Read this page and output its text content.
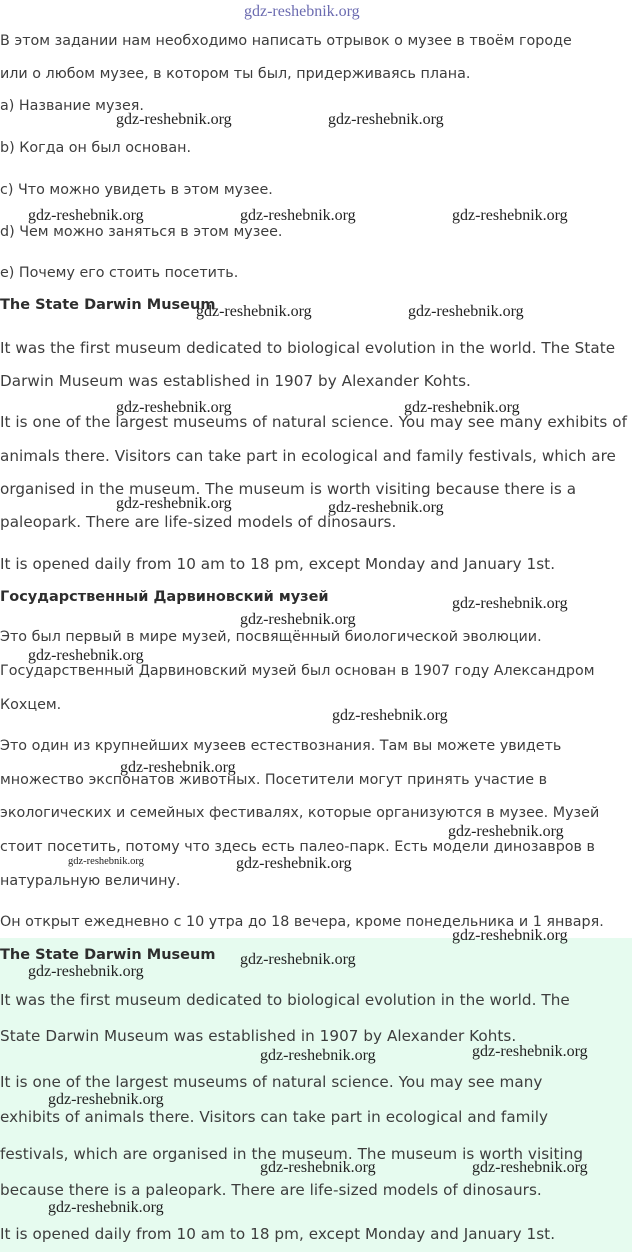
В этом задании нам необходимо написать отрывок о музее в твоём городе

или о любом музее, в котором ты был, придерживаясь плана.

a) Название музея.

b) Когда он был основан.

c) Что можно увидеть в этом музее.

d) Чем можно заняться в этом музее.

e) Почему его стоить посетить.

The State Darwin Museum

It was the first museum dedicated to biological evolution in the world. The State

Darwin Museum was established in 1907 by Alexander Kohts.

It is one of the largest museums of natural science. You may see many exhibits of

animals there. Visitors can take part in ecological and family festivals, which are

organised in the museum. The museum is worth visiting because there is a

paleopark. There are life-sized models of dinosaurs.

It is opened daily from 10 am to 18 pm, except Monday and January 1st.

Государственный Дарвиновский музей

Это был первый в мире музей, посвящённый биологической эволюции.

Государственный Дарвиновский музей был основан в 1907 году Александром

Кохцем.

Это один из крупнейших музеев естествознания. Там вы можете увидеть

множество экспонатов животных. Посетители могут принять участие в

экологических и семейных фестивалях, которые организуются в музее. Музей

стоит посетить, потому что здесь есть палео-парк. Есть модели динозавров в

натуральную величину.

Он открыт ежедневно с 10 утра до 18 вечера, кроме понедельника и 1 января.

The State Darwin Museum

It was the first museum dedicated to biological evolution in the world. The

State Darwin Museum was established in 1907 by Alexander Kohts.

It is one of the largest museums of natural science. You may see many

exhibits of animals there. Visitors can take part in ecological and family

festivals, which are organised in the museum. The museum is worth visiting

because there is a paleopark. There are life-sized models of dinosaurs.

It is opened daily from 10 am to 18 pm, except Monday and January 1st.

gdz-reshebnik.org
gdz-reshebnik.org	gdz-reshebnik.org
gdz-reshebnik.org	gdz-reshebnik.org	gdz-reshebnik.org
gdz-reshebnik.org	gdz-reshebnik.org
gdz-reshebnik.org	gdz-reshebnik.org
gdz-reshebnik.org	gdz-reshebnik.org
gdz-reshebnik.org
gdz-reshebnik.org
gdz-reshebnik.org
gdz-reshebnik.org
gdz-reshebnik.org
gdz-reshebnik.org
gdz-reshebnik.org	gdz-reshebnik.org
gdz-reshebnik.org
gdz-reshebnik.org
gdz-reshebnik.org
gdz-reshebnik.org	gdz-reshebnik.org
gdz-reshebnik.org
gdz-reshebnik.org	gdz-reshebnik.org
gdz-reshebnik.org
